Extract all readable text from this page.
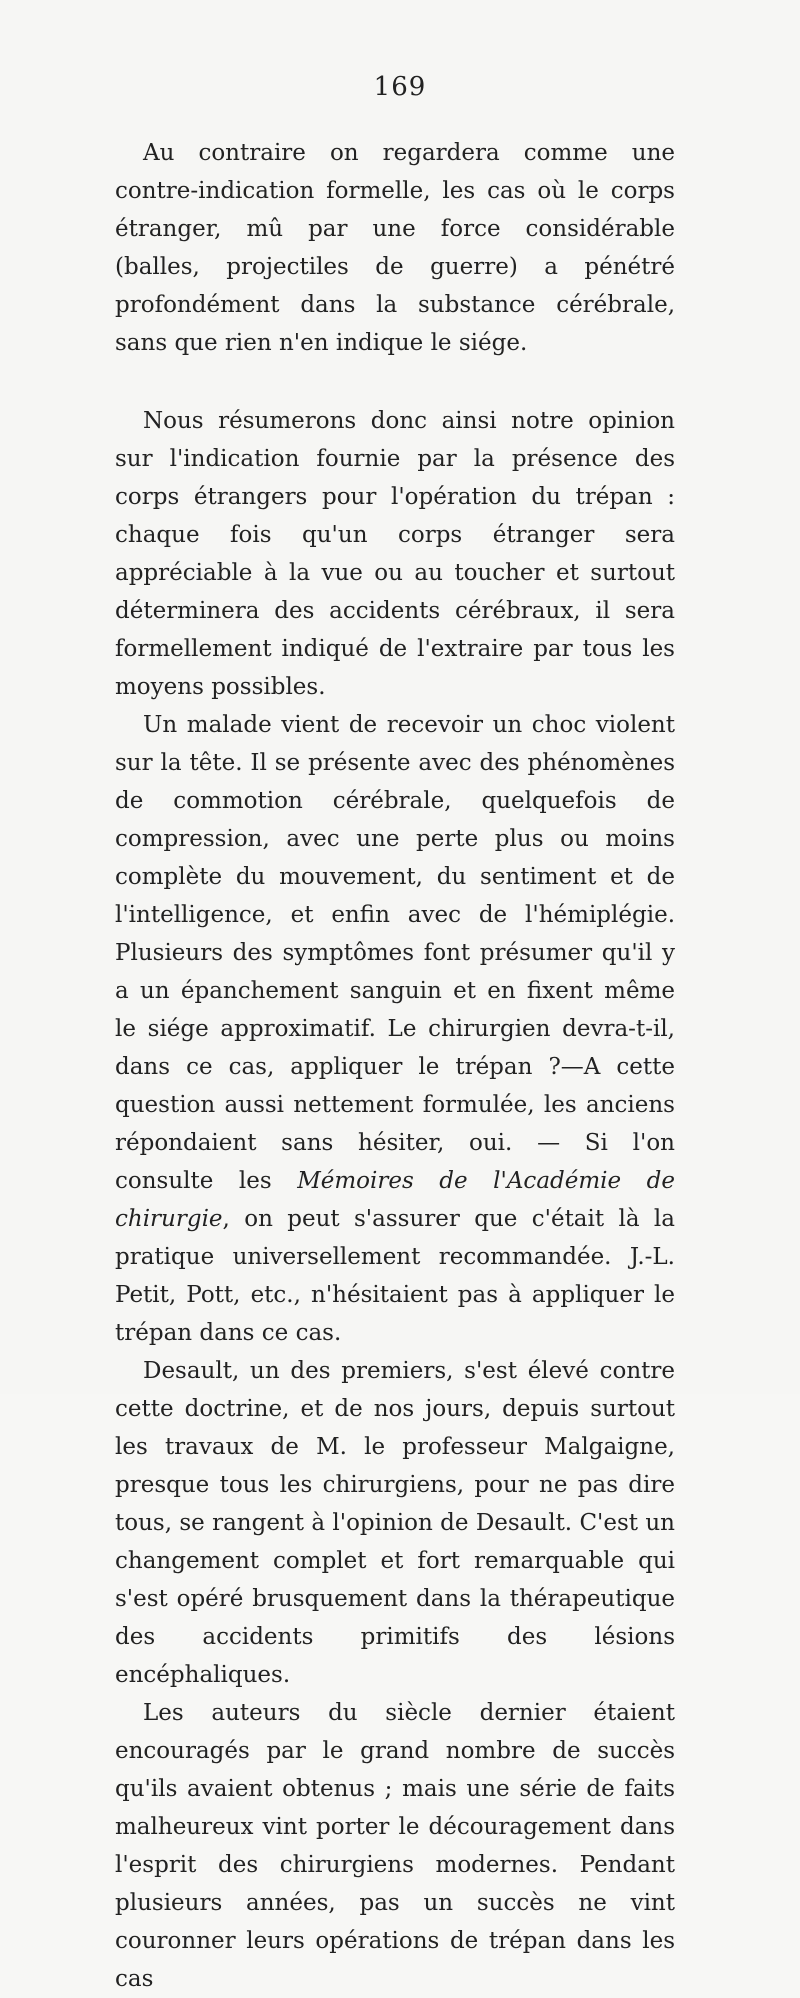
169

Au contraire on regardera comme une contre-indication formelle, les cas où le corps étranger, mû par une force considérable (balles, projectiles de guerre) a pénétré profondément dans la substance cérébrale, sans que rien n'en indique le siége.

Nous résumerons donc ainsi notre opinion sur l'indication fournie par la présence des corps étrangers pour l'opération du trépan : chaque fois qu'un corps étranger sera appréciable à la vue ou au toucher et surtout déterminera des accidents cérébraux, il sera formellement indiqué de l'extraire par tous les moyens possibles.

Un malade vient de recevoir un choc violent sur la tête. Il se présente avec des phénomènes de commotion cérébrale, quelquefois de compression, avec une perte plus ou moins complète du mouvement, du sentiment et de l'intelligence, et enfin avec de l'hémiplégie. Plusieurs des symptômes font présumer qu'il y a un épanchement sanguin et en fixent même le siége approximatif. Le chirurgien devra-t-il, dans ce cas, appliquer le trépan ?—A cette question aussi nettement formulée, les anciens répondaient sans hésiter, oui. — Si l'on consulte les Mémoires de l'Académie de chirurgie, on peut s'assurer que c'était là la pratique universellement recommandée. J.-L. Petit, Pott, etc., n'hésitaient pas à appliquer le trépan dans ce cas.

Desault, un des premiers, s'est élevé contre cette doctrine, et de nos jours, depuis surtout les travaux de M. le professeur Malgaigne, presque tous les chirurgiens, pour ne pas dire tous, se rangent à l'opinion de Desault. C'est un changement complet et fort remarquable qui s'est opéré brusquement dans la thérapeutique des accidents primitifs des lésions encéphaliques.

Les auteurs du siècle dernier étaient encouragés par le grand nombre de succès qu'ils avaient obtenus ; mais une série de faits malheureux vint porter le découragement dans l'esprit des chirurgiens modernes. Pendant plusieurs années, pas un succès ne vint couronner leurs opérations de trépan dans les cas
